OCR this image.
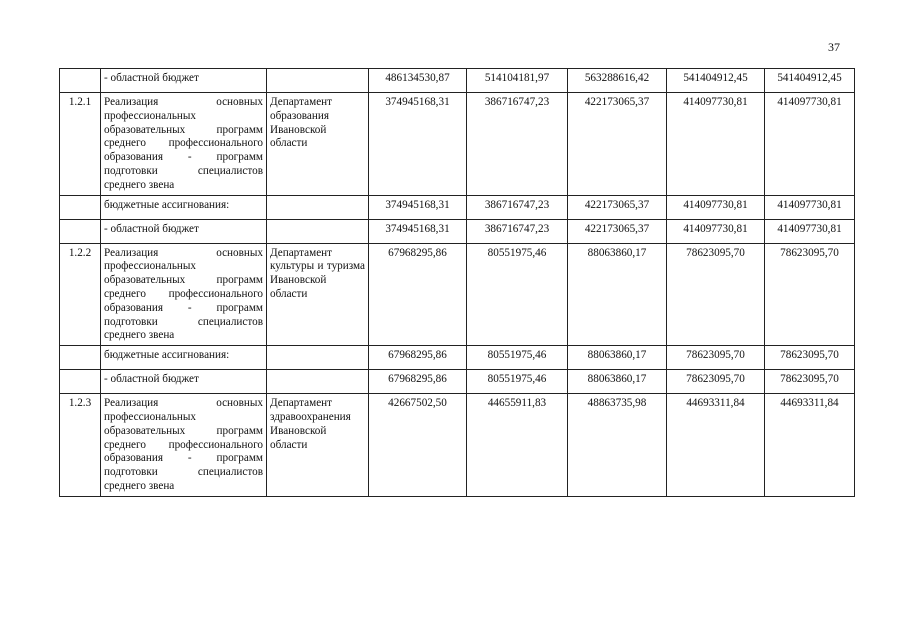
37
	- областной бюджет		486134530,87	514104181,97	563288616,42	541404912,45	541404912,45
1.2.1	Реализация основных профессиональных образовательных программ среднего профессионального образования - программ подготовки специалистов среднего звена	Департамент образования Ивановской области	374945168,31	386716747,23	422173065,37	414097730,81	414097730,81
	бюджетные ассигнования:		374945168,31	386716747,23	422173065,37	414097730,81	414097730,81
	- областной бюджет		374945168,31	386716747,23	422173065,37	414097730,81	414097730,81
1.2.2	Реализация основных профессиональных образовательных программ среднего профессионального образования - программ подготовки специалистов среднего звена	Департамент культуры и туризма Ивановской области	67968295,86	80551975,46	88063860,17	78623095,70	78623095,70
	бюджетные ассигнования:		67968295,86	80551975,46	88063860,17	78623095,70	78623095,70
	- областной бюджет		67968295,86	80551975,46	88063860,17	78623095,70	78623095,70
1.2.3	Реализация основных профессиональных образовательных программ среднего профессионального образования - программ подготовки специалистов среднего звена	Департамент здравоохранения Ивановской области	42667502,50	44655911,83	48863735,98	44693311,84	44693311,84
